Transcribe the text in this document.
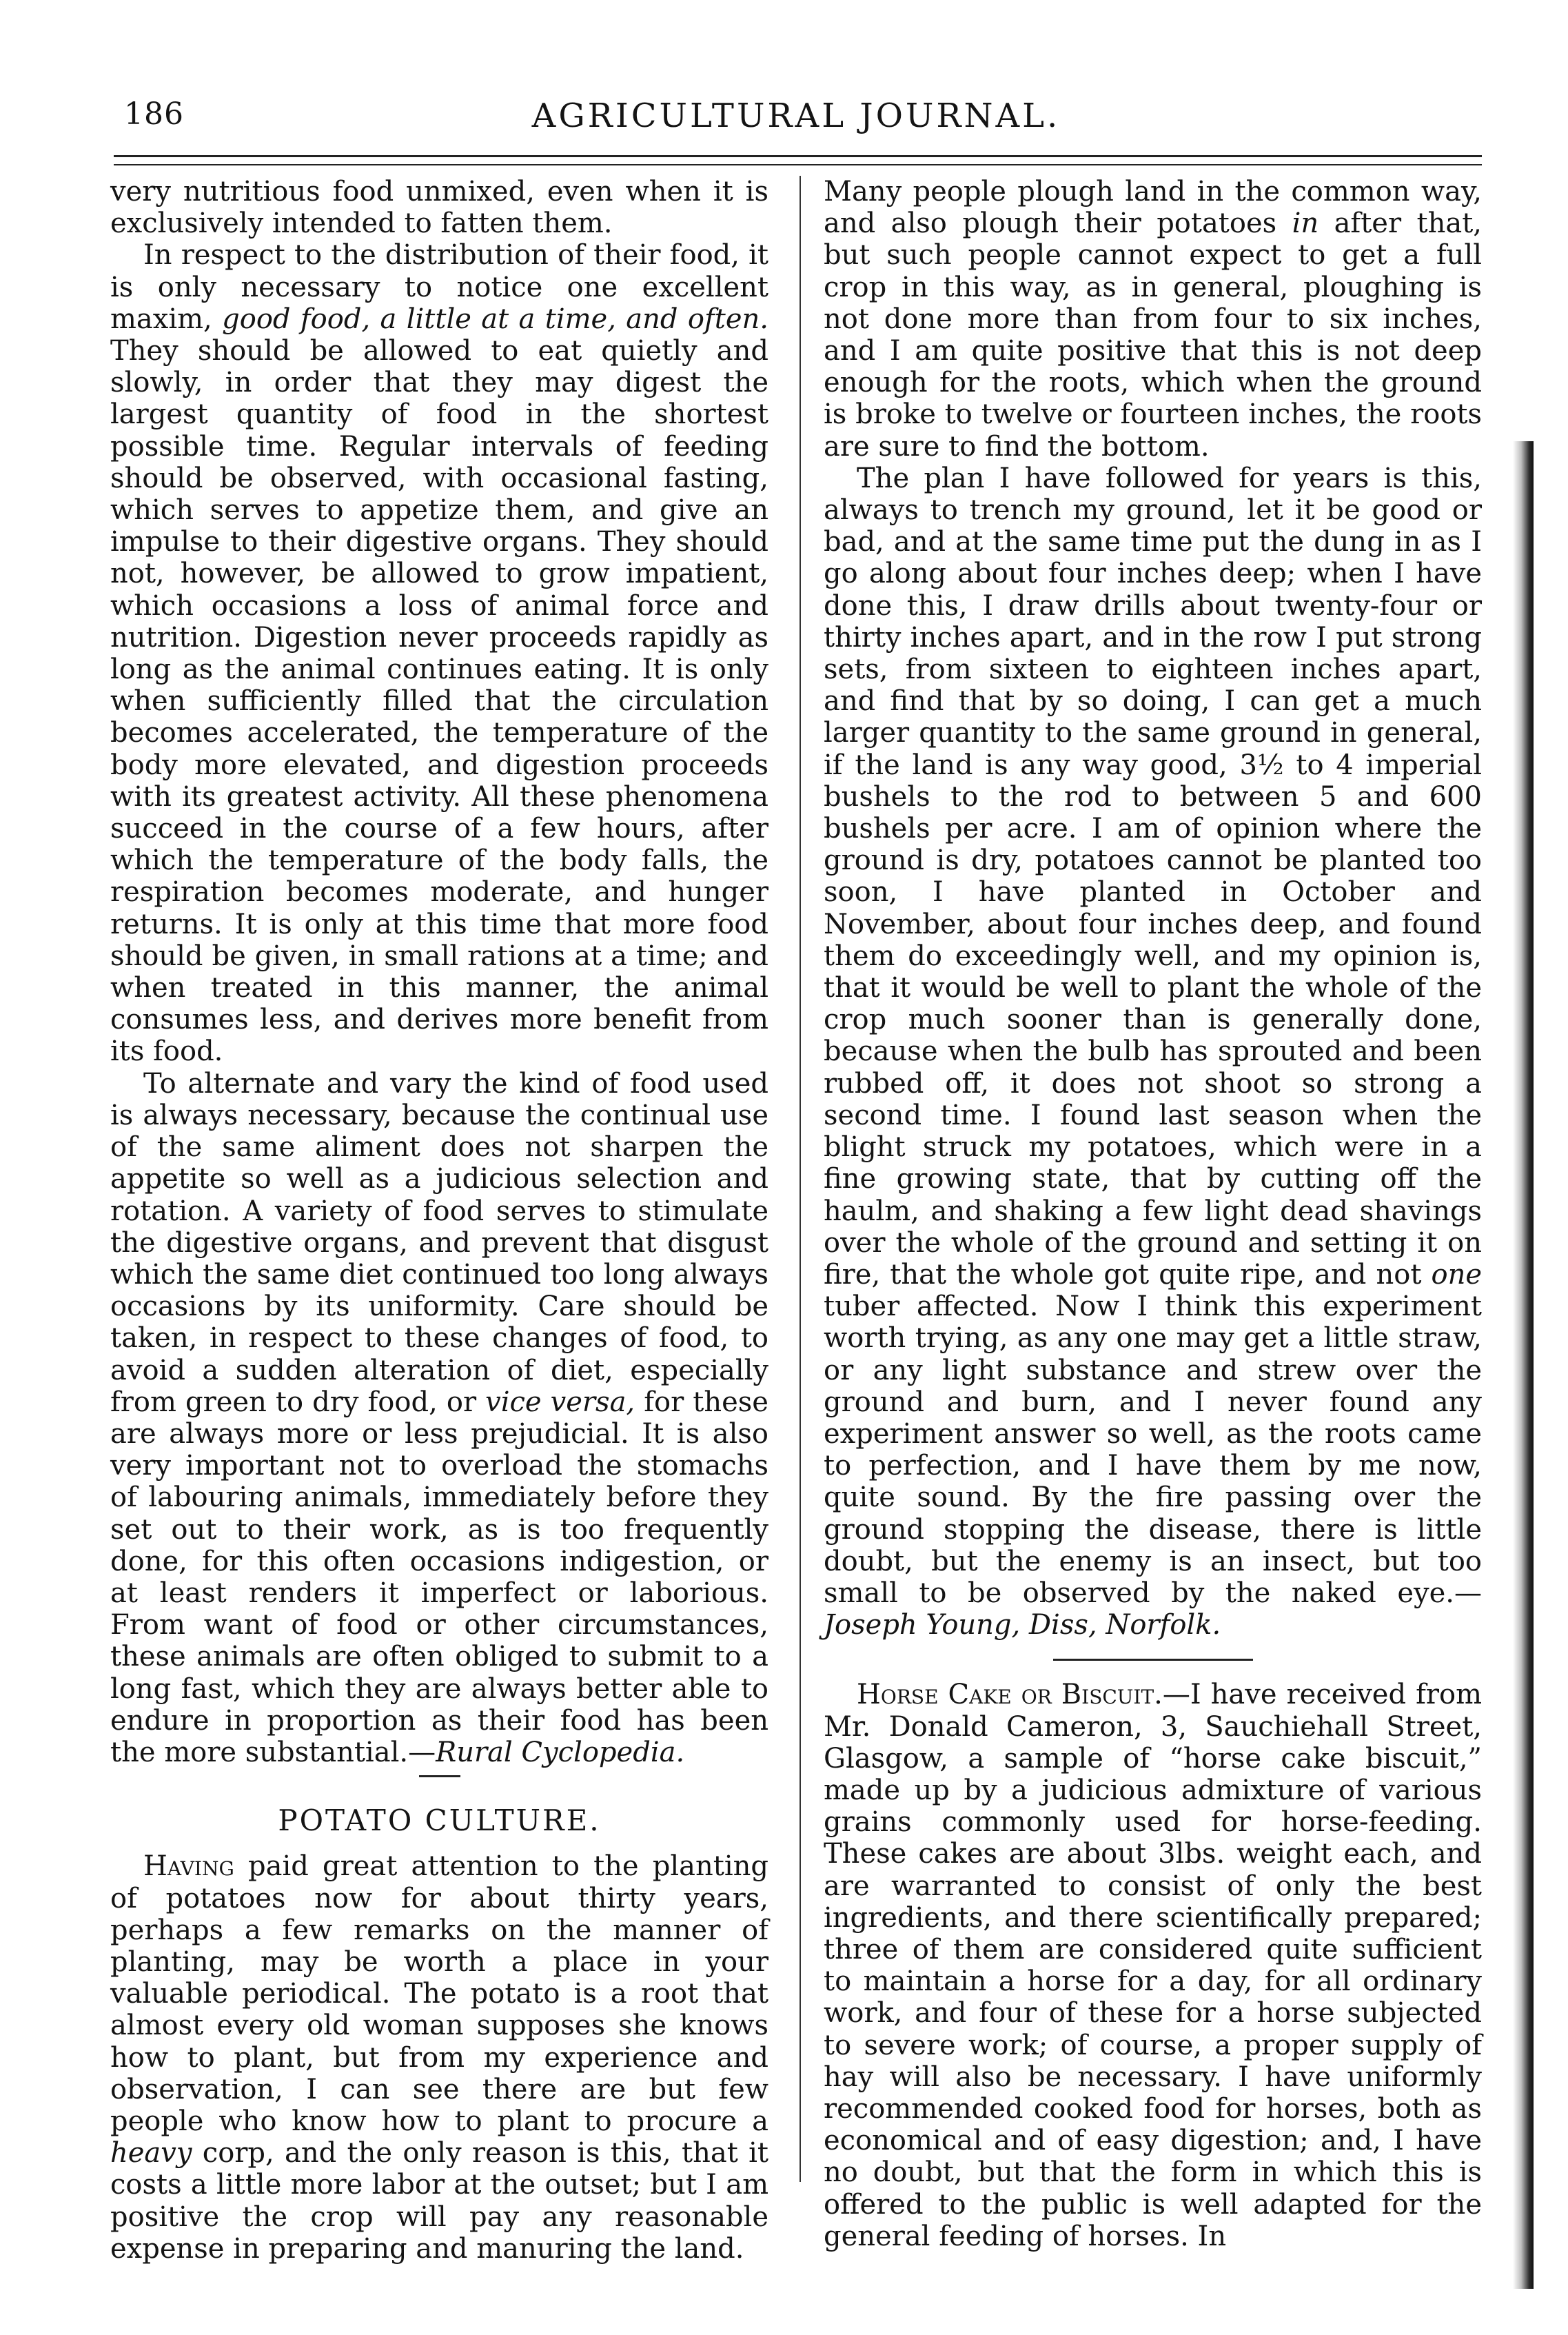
186	AGRICULTURAL JOURNAL.

very nutritious food unmixed, even when it is exclusively intended to fatten them.

In respect to the distribution of their food, it is only necessary to notice one excellent maxim, good food, a little at a time, and often. They should be allowed to eat quietly and slowly, in order that they may digest the largest quantity of food in the shortest possible time. Regular intervals of feeding should be observed, with occasional fasting, which serves to appetize them, and give an impulse to their digestive organs. They should not, however, be allowed to grow impatient, which occasions a loss of animal force and nutrition. Digestion never proceeds rapidly as long as the animal continues eating. It is only when sufficiently filled that the circulation becomes accelerated, the temperature of the body more elevated, and digestion proceeds with its greatest activity. All these phenomena succeed in the course of a few hours, after which the temperature of the body falls, the respiration becomes moderate, and hunger returns. It is only at this time that more food should be given, in small rations at a time; and when treated in this manner, the animal consumes less, and derives more benefit from its food.

To alternate and vary the kind of food used is always necessary, because the continual use of the same aliment does not sharpen the appetite so well as a judicious selection and rotation. A variety of food serves to stimulate the digestive organs, and prevent that disgust which the same diet continued too long always occasions by its uniformity. Care should be taken, in respect to these changes of food, to avoid a sudden alteration of diet, especially from green to dry food, or vice versa, for these are always more or less prejudicial. It is also very important not to overload the stomachs of labouring animals, immediately before they set out to their work, as is too frequently done, for this often occasions indigestion, or at least renders it imperfect or laborious. From want of food or other circumstances, these animals are often obliged to submit to a long fast, which they are always better able to endure in proportion as their food has been the more substantial.—Rural Cyclopedia.

POTATO CULTURE.

Having paid great attention to the planting of potatoes now for about thirty years, perhaps a few remarks on the manner of planting, may be worth a place in your valuable periodical. The potato is a root that almost every old woman supposes she knows how to plant, but from my experience and observation, I can see there are but few people who know how to plant to procure a heavy corp, and the only reason is this, that it costs a little more labor at the outset; but I am positive the crop will pay any reasonable expense in preparing and manuring the land.

Many people plough land in the common way, and also plough their potatoes in after that, but such people cannot expect to get a full crop in this way, as in general, ploughing is not done more than from four to six inches, and I am quite positive that this is not deep enough for the roots, which when the ground is broke to twelve or fourteen inches, the roots are sure to find the bottom.

The plan I have followed for years is this, always to trench my ground, let it be good or bad, and at the same time put the dung in as I go along about four inches deep; when I have done this, I draw drills about twenty-four or thirty inches apart, and in the row I put strong sets, from sixteen to eighteen inches apart, and find that by so doing, I can get a much larger quantity to the same ground in general, if the land is any way good, 3½ to 4 imperial bushels to the rod to between 5 and 600 bushels per acre. I am of opinion where the ground is dry, potatoes cannot be planted too soon, I have planted in October and November, about four inches deep, and found them do exceedingly well, and my opinion is, that it would be well to plant the whole of the crop much sooner than is generally done, because when the bulb has sprouted and been rubbed off, it does not shoot so strong a second time. I found last season when the blight struck my potatoes, which were in a fine growing state, that by cutting off the haulm, and shaking a few light dead shavings over the whole of the ground and setting it on fire, that the whole got quite ripe, and not one tuber affected. Now I think this experiment worth trying, as any one may get a little straw, or any light substance and strew over the ground and burn, and I never found any experiment answer so well, as the roots came to perfection, and I have them by me now, quite sound. By the fire passing over the ground stopping the disease, there is little doubt, but the enemy is an insect, but too small to be observed by the naked eye.—Joseph Young, Diss, Norfolk.

Horse Cake or Biscuit.—I have received from Mr. Donald Cameron, 3, Sauchiehall Street, Glasgow, a sample of “horse cake biscuit,” made up by a judicious admixture of various grains commonly used for horse-feeding. These cakes are about 3lbs. weight each, and are warranted to consist of only the best ingredients, and there scientifically prepared; three of them are considered quite sufficient to maintain a horse for a day, for all ordinary work, and four of these for a horse subjected to severe work; of course, a proper supply of hay will also be necessary. I have uniformly recommended cooked food for horses, both as economical and of easy digestion; and, I have no doubt, but that the form in which this is offered to the public is well adapted for the general feeding of horses. In
